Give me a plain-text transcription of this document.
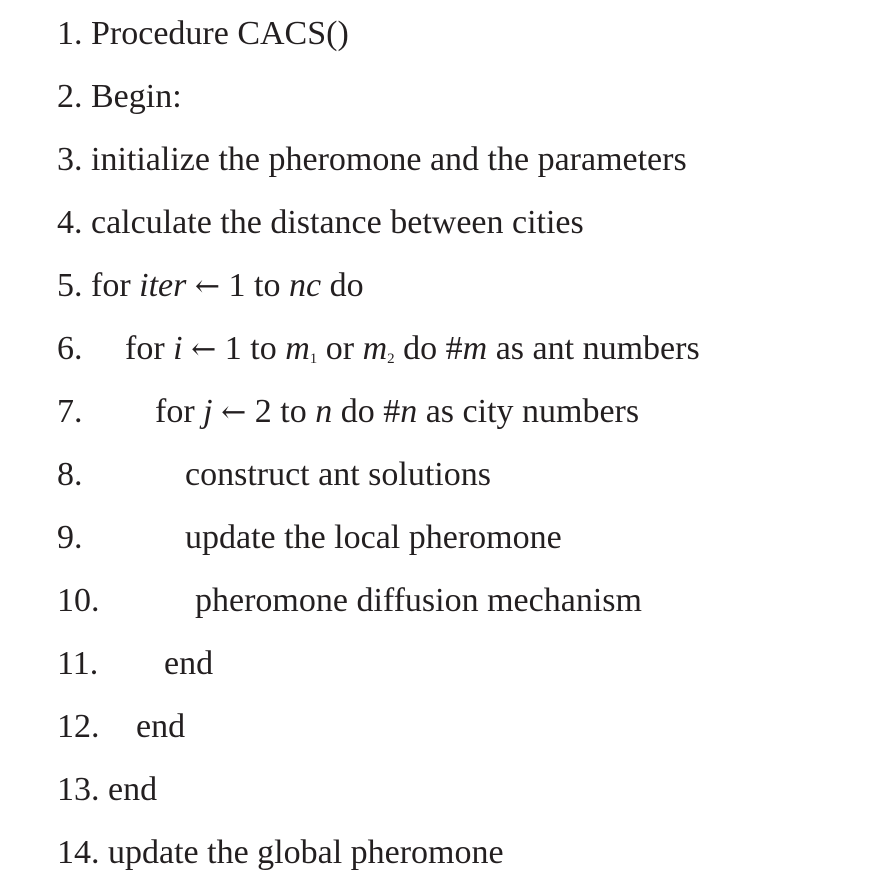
1. Procedure CACS()
2. Begin:
3. initialize the pheromone and the parameters
4. calculate the distance between cities
5. for iter ← 1 to nc do
6. for i ← 1 to $m_1$ or $m_2$ do #m as ant numbers
7. for j ← 2 to n do #n as city numbers
8.	construct ant solutions
9.	update the local pheromone
10.	pheromone diffusion mechanism
11. end
12. end
13. end
14. update the global pheromone
